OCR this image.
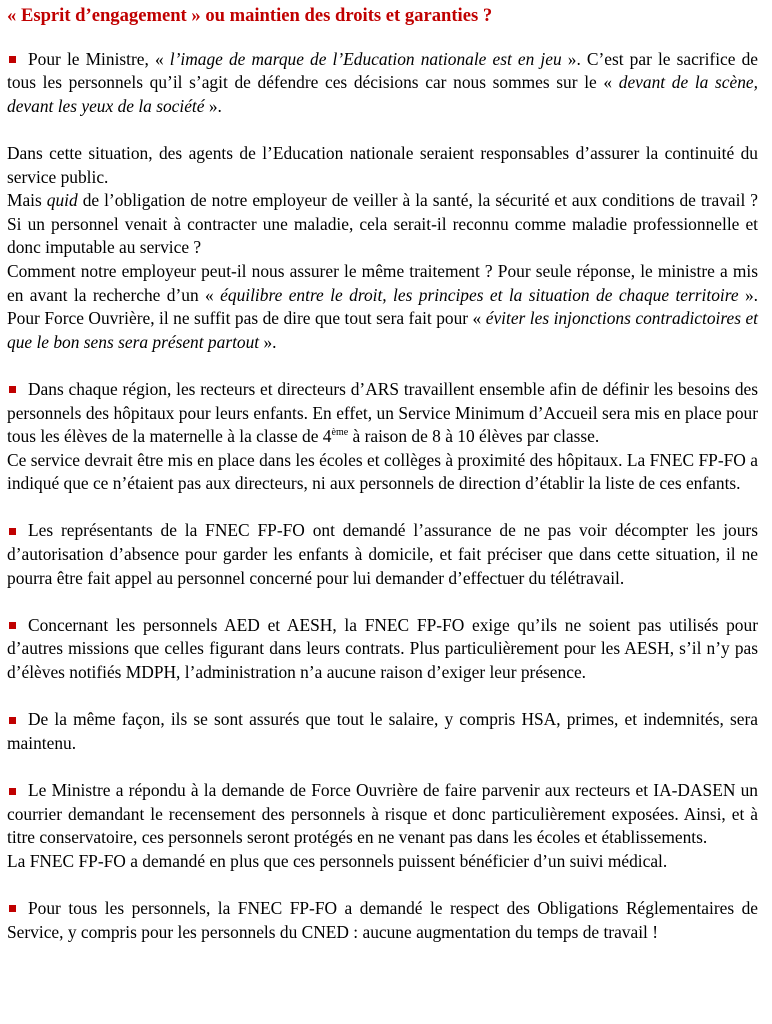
« Esprit d’engagement » ou maintien des droits et garanties ?

Pour le Ministre, « l’image de marque de l’Education nationale est en jeu ». C’est par le sacrifice de tous les personnels qu’il s’agit de défendre ces décisions car nous sommes sur le « devant de la scène, devant les yeux de la société ».

Dans cette situation, des agents de l’Education nationale seraient responsables d’assurer la continuité du service public.

Mais quid de l’obligation de notre employeur de veiller à la santé, la sécurité et aux conditions de travail ? Si un personnel venait à contracter une maladie, cela serait-il reconnu comme maladie professionnelle et donc imputable au service ?

Comment notre employeur peut-il nous assurer le même traitement ? Pour seule réponse, le ministre a mis en avant la recherche d’un « équilibre entre le droit, les principes et la situation de chaque territoire ». Pour Force Ouvrière, il ne suffit pas de dire que tout sera fait pour « éviter les injonctions contradictoires et que le bon sens sera présent partout ».

Dans chaque région, les recteurs et directeurs d’ARS travaillent ensemble afin de définir les besoins des personnels des hôpitaux pour leurs enfants. En effet, un Service Minimum d’Accueil sera mis en place pour tous les élèves de la maternelle à la classe de 4ème à raison de 8 à 10 élèves par classe.

Ce service devrait être mis en place dans les écoles et collèges à proximité des hôpitaux. La FNEC FP-FO a indiqué que ce n’étaient pas aux directeurs, ni aux personnels de direction d’établir la liste de ces enfants.

Les représentants de la FNEC FP-FO ont demandé l’assurance de ne pas voir décompter les jours d’autorisation d’absence pour garder les enfants à domicile, et fait préciser que dans cette situation, il ne pourra être fait appel au personnel concerné pour lui demander d’effectuer du télétravail.

Concernant les personnels AED et AESH, la FNEC FP-FO exige qu’ils ne soient pas utilisés pour d’autres missions que celles figurant dans leurs contrats. Plus particulièrement pour les AESH, s’il n’y pas d’élèves notifiés MDPH, l’administration n’a aucune raison d’exiger leur présence.

De la même façon, ils se sont assurés que tout le salaire, y compris HSA, primes, et indemnités, sera maintenu.

Le Ministre a répondu à la demande de Force Ouvrière de faire parvenir aux recteurs et IA-DASEN un courrier demandant le recensement des personnels à risque et donc particulièrement exposées. Ainsi, et à titre conservatoire, ces personnels seront protégés en ne venant pas dans les écoles et établissements.

La FNEC FP-FO a demandé en plus que ces personnels puissent bénéficier d’un suivi médical.

Pour tous les personnels, la FNEC FP-FO a demandé le respect des Obligations Réglementaires de Service, y compris pour les personnels du CNED : aucune augmentation du temps de travail !
